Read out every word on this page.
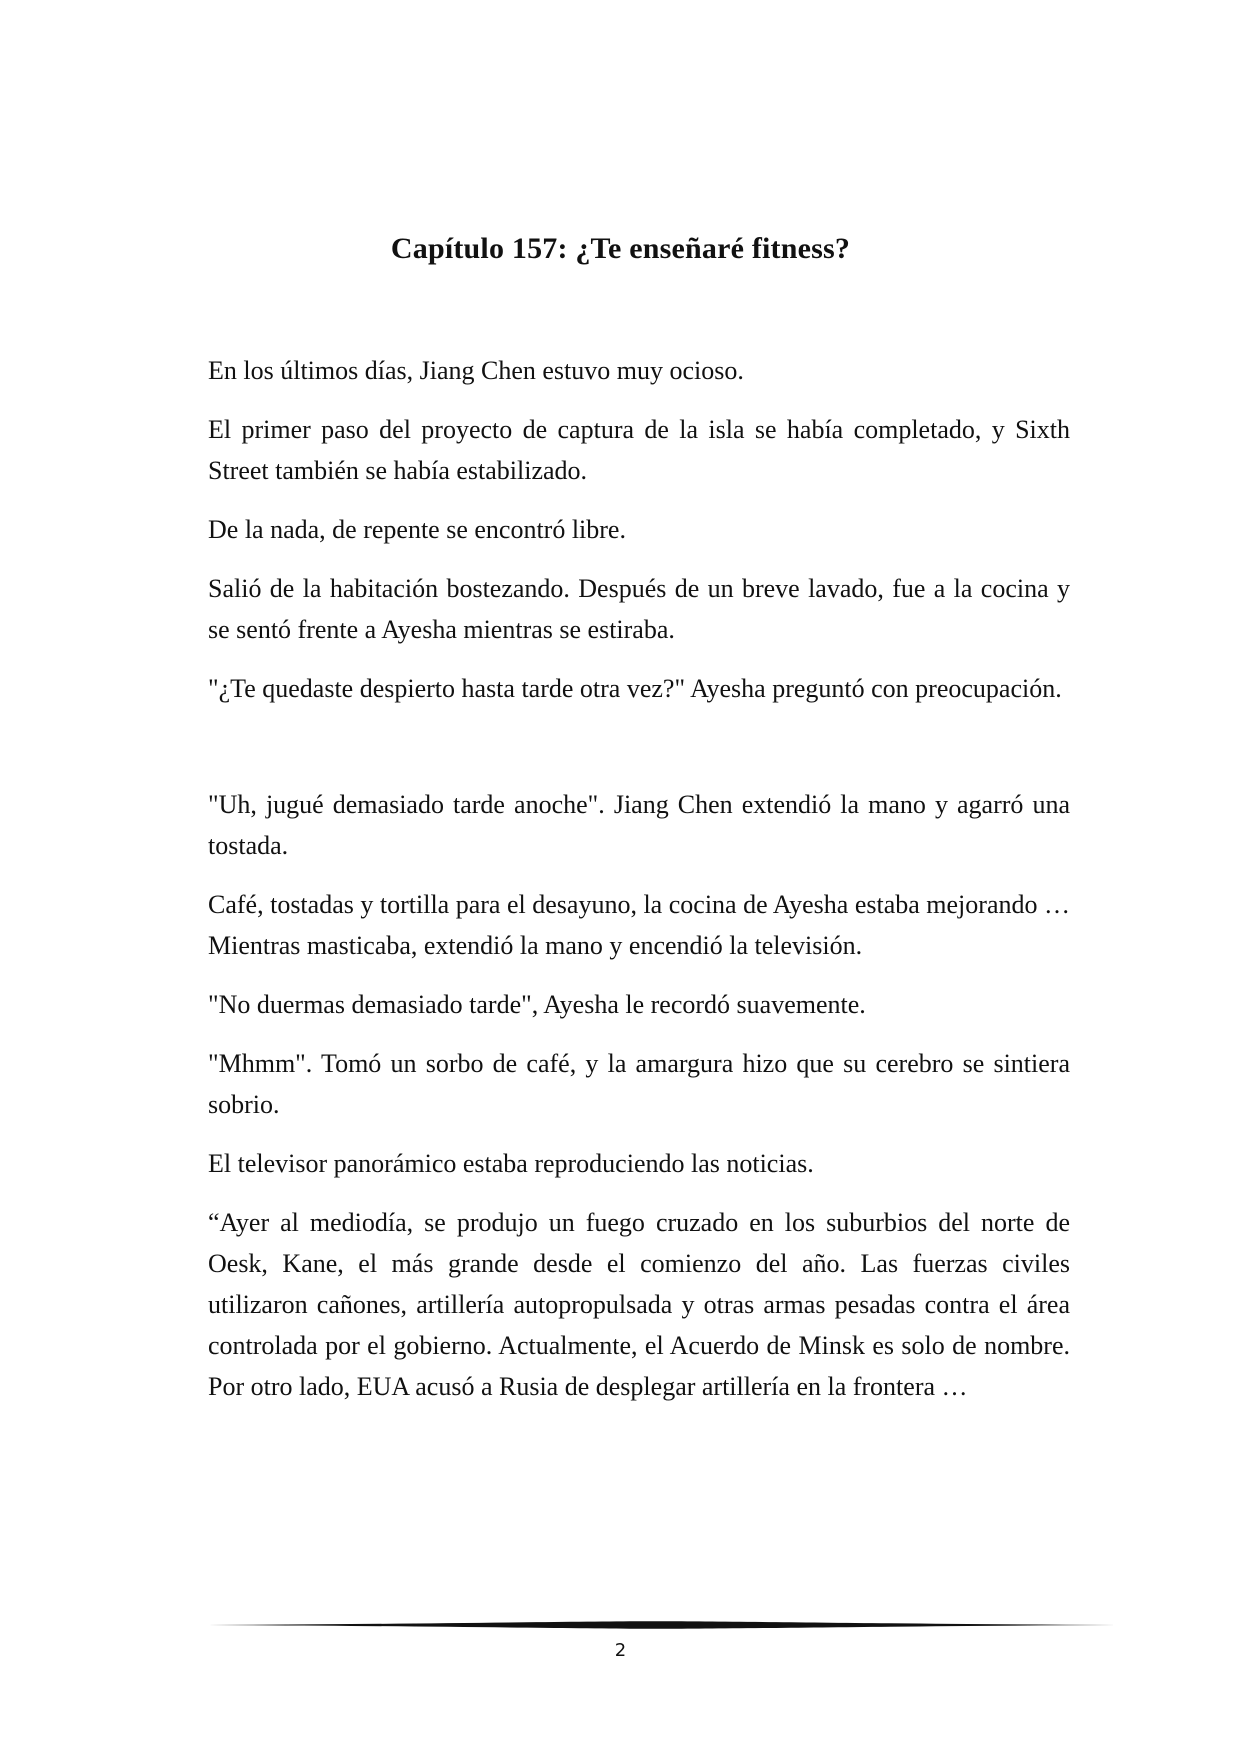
Capítulo 157: ¿Te enseñaré fitness?

En los últimos días, Jiang Chen estuvo muy ocioso.

El primer paso del proyecto de captura de la isla se había completado, y Sixth Street también se había estabilizado.

De la nada, de repente se encontró libre.

Salió de la habitación bostezando. Después de un breve lavado, fue a la cocina y se sentó frente a Ayesha mientras se estiraba.

"¿Te quedaste despierto hasta tarde otra vez?" Ayesha preguntó con preocupación.

"Uh, jugué demasiado tarde anoche". Jiang Chen extendió la mano y agarró una tostada.

Café, tostadas y tortilla para el desayuno, la cocina de Ayesha estaba mejorando … Mientras masticaba, extendió la mano y encendió la televisión.

"No duermas demasiado tarde", Ayesha le recordó suavemente.

"Mhmm". Tomó un sorbo de café, y la amargura hizo que su cerebro se sintiera sobrio.

El televisor panorámico estaba reproduciendo las noticias.

“Ayer al mediodía, se produjo un fuego cruzado en los suburbios del norte de Oesk, Kane, el más grande desde el comienzo del año. Las fuerzas civiles utilizaron cañones, artillería autopropulsada y otras armas pesadas contra el área controlada por el gobierno. Actualmente, el Acuerdo de Minsk es solo de nombre. Por otro lado, EUA acusó a Rusia de desplegar artillería en la frontera …

2
